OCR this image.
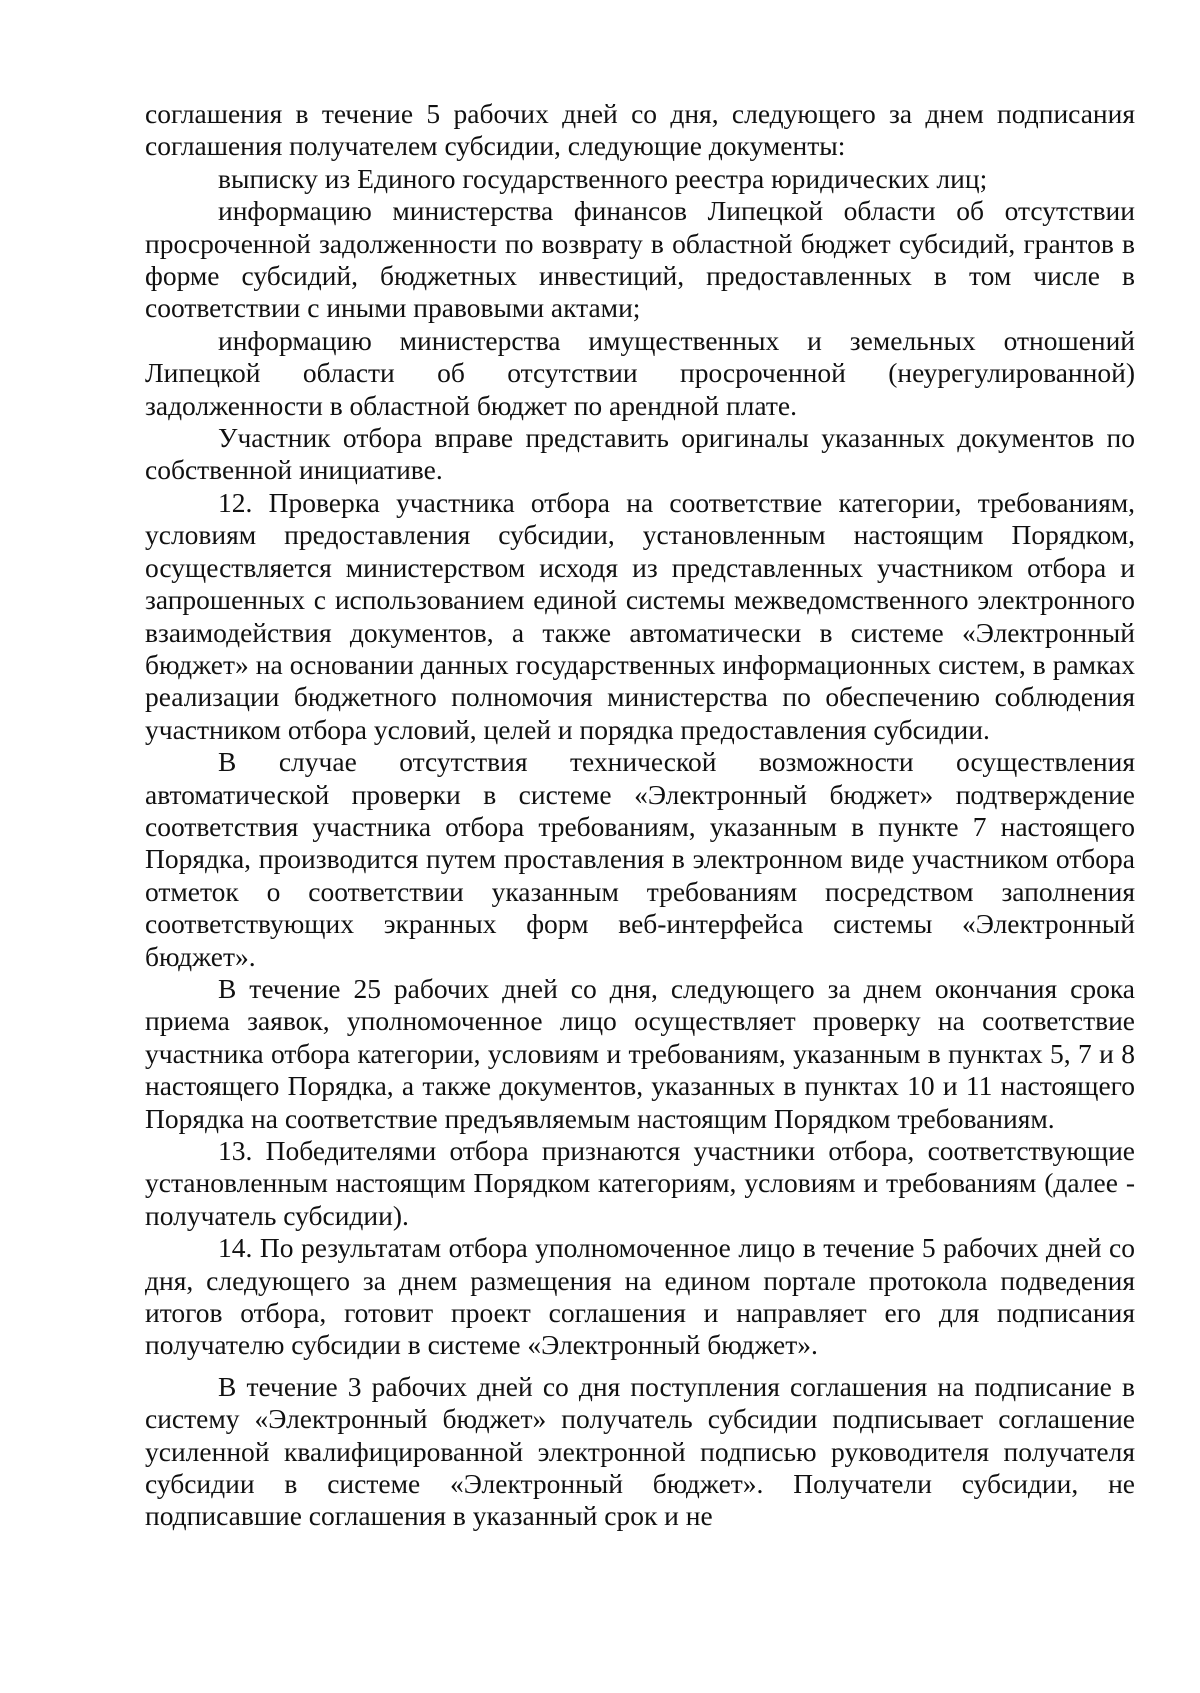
соглашения в течение 5 рабочих дней со дня, следующего за днем подписания соглашения получателем субсидии, следующие документы:

выписку из Единого государственного реестра юридических лиц;

информацию министерства финансов Липецкой области об отсутствии просроченной задолженности по возврату в областной бюджет субсидий, грантов в форме субсидий, бюджетных инвестиций, предоставленных в том числе в соответствии с иными правовыми актами;

информацию министерства имущественных и земельных отношений Липецкой области об отсутствии просроченной (неурегулированной) задолженности в областной бюджет по арендной плате.

Участник отбора вправе представить оригиналы указанных документов по собственной инициативе.

12. Проверка участника отбора на соответствие категории, требованиям, условиям предоставления субсидии, установленным настоящим Порядком, осуществляется министерством исходя из представленных участником отбора и запрошенных с использованием единой системы межведомственного электронного взаимодействия документов, а также автоматически в системе «Электронный бюджет» на основании данных государственных информационных систем, в рамках реализации бюджетного полномочия министерства по обеспечению соблюдения участником отбора условий, целей и порядка предоставления субсидии.

В случае отсутствия технической возможности осуществления автоматической проверки в системе «Электронный бюджет» подтверждение соответствия участника отбора требованиям, указанным в пункте 7 настоящего Порядка, производится путем проставления в электронном виде участником отбора отметок о соответствии указанным требованиям посредством заполнения соответствующих экранных форм веб-интерфейса системы «Электронный бюджет».

В течение 25 рабочих дней со дня, следующего за днем окончания срока приема заявок, уполномоченное лицо осуществляет проверку на соответствие участника отбора категории, условиям и требованиям, указанным в пунктах 5, 7 и 8 настоящего Порядка, а также документов, указанных в пунктах 10 и 11 настоящего Порядка на соответствие предъявляемым настоящим Порядком требованиям.

13. Победителями отбора признаются участники отбора, соответствующие установленным настоящим Порядком категориям, условиям и требованиям (далее - получатель субсидии).

14. По результатам отбора уполномоченное лицо в течение 5 рабочих дней со дня, следующего за днем размещения на едином портале протокола подведения итогов отбора, готовит проект соглашения и направляет его для подписания получателю субсидии в системе «Электронный бюджет».

В течение 3 рабочих дней со дня поступления соглашения на подписание в систему «Электронный бюджет» получатель субсидии подписывает соглашение усиленной квалифицированной электронной подписью руководителя получателя субсидии в системе «Электронный бюджет». Получатели субсидии, не подписавшие соглашения в указанный срок и не
